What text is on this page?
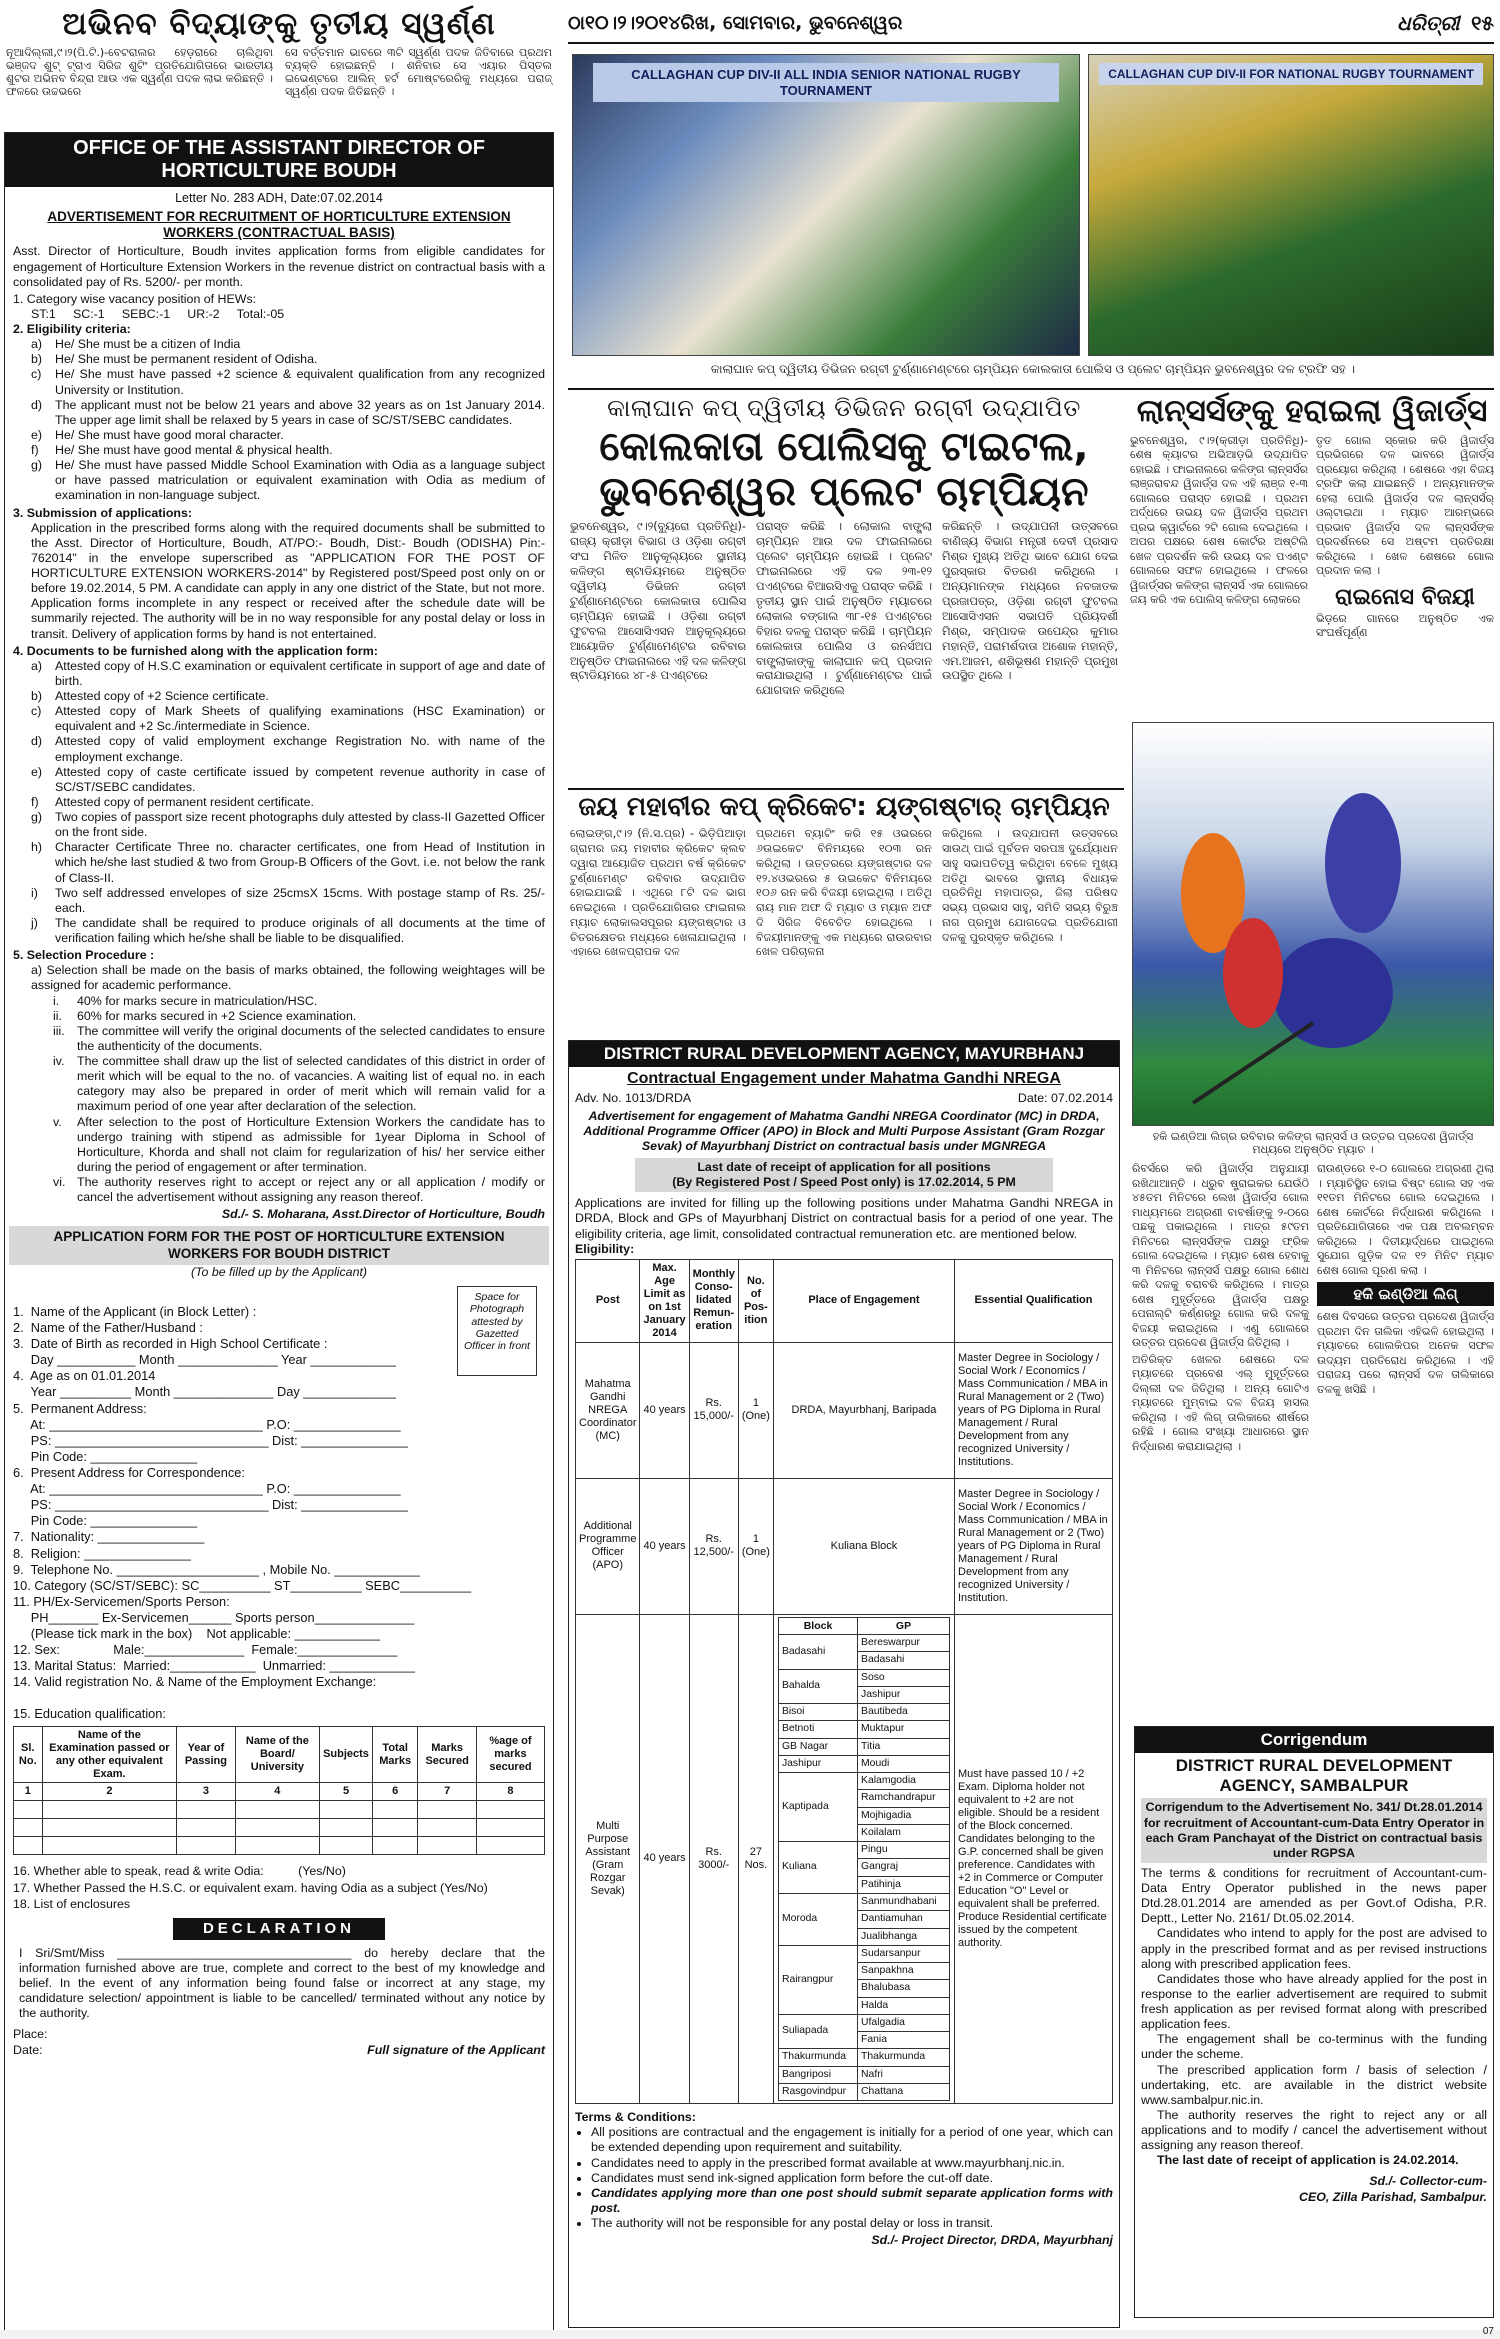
ଅଭିନବ ବିଦ୍ୟାଙ୍କୁ ତୃତୀୟ ସ୍ୱର୍ଣ୍ଣ
ନୂଆଦିଲ୍ଲୀ,୯।୨(ପି.ଟି.)-ବେଟରାଲର ହେଡ଼ରାରେ ଚାଲିଥିବା ଭଞ୍ଜଦ ଶୁଟ୍ ଟ୍ରାଏ ସିରିଜ ଶୁଟିଂ ପ୍ରତିଯୋଗିତାରେ ଭାରତୀୟ ଶୁଟର ଅଭିନବ ବିନ୍ଦ୍ରା ଆଉ ଏକ ସ୍ୱର୍ଣ୍ଣ ପଦକ ଲାଭ କରିଛନ୍ତି । ଫଳରେ ଉଚ୍ଚଭରେ
ସେ ବର୍ତ୍ତମାନ ଭାବରେ ୩ଟି ସ୍ୱର୍ଣ୍ଣ ପଦକ ଜିତିବାରେ ପ୍ରଥମ ବ୍ୟକ୍ତି ହୋଇଛନ୍ତି । ଶନିବାର ସେ ଏୟାର ପିସ୍ତଲ ଇଭେଣ୍ଟରେ ଆଲିନ୍ ହର୍ଟ ମୋଷ୍ଟରେରିକୁ ମଧ୍ୟରେ ପରାଜ୍ ସ୍ୱର୍ଣ୍ଣ ପଦକ ଜିତିଛନ୍ତି ।
OFFICE OF THE ASSISTANT DIRECTOR OF HORTICULTURE BOUDH
Letter No. 283 ADH, Date:07.02.2014
ADVERTISEMENT FOR RECRUITMENT OF HORTICULTURE EXTENSION WORKERS (CONTRACTUAL BASIS)
Asst. Director of Horticulture, Boudh invites application forms from eligible candidates for engagement of Horticulture Extension Workers in the revenue district on contractual basis with a consolidated pay of Rs. 5200/- per month.
1. Category wise vacancy position of HEWs:
ST:1     SC:-1     SEBC:-1     UR:-2     Total:-05
2. Eligibility criteria:
a)	He/ She must be a citizen of India
b)	He/ She must be permanent resident of Odisha.
c)	He/ She must have passed +2 science & equivalent qualification from any recognized University or Institution.
d)	The applicant must not be below 21 years and above 32 years as on 1st January 2014. The upper age limit shall be relaxed by 5 years in case of SC/ST/SEBC candidates.
e)	He/ She must have good moral character.
f)	He/ She must have good mental & physical health.
g)	He/ She must have passed Middle School Examination with Odia as a language subject or have passed matriculation or equivalent examination with Odia as medium of examination in non-language subject.
3. Submission of applications:
Application in the prescribed forms along with the required documents shall be submitted to the Asst. Director of Horticulture, Boudh, AT/PO:- Boudh, Dist:- Boudh (ODISHA) Pin:- 762014" in the envelope superscribed as "APPLICATION FOR THE POST OF HORTICULTURE EXTENSION WORKERS-2014" by Registered post/Speed post only on or before 19.02.2014, 5 PM. A candidate can apply in any one district of the State, but not more. Application forms incomplete in any respect or received after the schedule date will be summarily rejected. The authority will be in no way responsible for any postal delay or loss in transit. Delivery of application forms by hand is not entertained.
4. Documents to be furnished along with the application form:
a)	Attested copy of H.S.C examination or equivalent certificate in support of age and date of birth.
b)	Attested copy of +2 Science certificate.
c)	Attested copy of Mark Sheets of qualifying examinations (HSC Examination) or equivalent and +2 Sc./intermediate in Science.
d)	Attested copy of valid employment exchange Registration No. with name of the employment exchange.
e)	Attested copy of caste certificate issued by competent revenue authority in case of SC/ST/SEBC candidates.
f)	Attested copy of permanent resident certificate.
g)	Two copies of passport size recent photographs duly attested by class-II Gazetted Officer on the front side.
h)	Character Certificate Three no. character certificates, one from Head of Institution in which he/she last studied & two from Group-B Officers of the Govt. i.e. not below the rank of Class-II.
i)	Two self addressed envelopes of size 25cmsX 15cms. With postage stamp of Rs. 25/- each.
j)	The candidate shall be required to produce originals of all documents at the time of verification failing which he/she shall be liable to be disqualified.
5. Selection Procedure :
a) Selection shall be made on the basis of marks obtained, the following weightages will be assigned for academic performance.
i.	40% for marks secure in matriculation/HSC.
ii.	60% for marks secured in +2 Science examination.
iii. The committee will verify the original documents of the selected candidates to ensure the authenticity of the documents.
iv.	The committee shall draw up the list of selected candidates of this district in order of merit which will be equal to the no. of vacancies. A waiting list of equal no. in each category may also be prepared in order of merit which will remain valid for a maximum period of one year after declaration of the selection.
v.	After selection to the post of Horticulture Extension Workers the candidate has to undergo training with stipend as admissible for 1year Diploma in School of Horticulture, Khorda and shall not claim for regularization of his/ her service either during the period of engagement or after termination.
vi. The authority reserves right to accept or reject any or all application / modify or cancel the advertisement without assigning any reason thereof.
Sd./- S. Moharana, Asst.Director of Horticulture, Boudh
APPLICATION FORM FOR THE POST OF HORTICULTURE EXTENSION WORKERS FOR BOUDH DISTRICT
(To be filled up by the Applicant)
Space for Photograph attested by Gazetted Officer in front
1.  Name of the Applicant (in Block Letter) :
2.  Name of the Father/Husband :
3.  Date of Birth as recorded in High School Certificate :
Day ___________ Month ______________ Year ____________
4.  Age as on 01.01.2014
Year __________ Month ______________ Day _____________
5.  Permanent Address:
At: ______________________________ P.O: _______________
PS: ______________________________ Dist: _______________
Pin Code: _______________
6.  Present Address for Correspondence:
At: ______________________________ P.O: _______________
PS: ______________________________ Dist: _______________
Pin Code: _______________
7.  Nationality: _______________
8.  Religion: _______________
9.  Telephone No. ____________________ , Mobile No. ____________
10. Category (SC/ST/SEBC): SC__________ ST__________ SEBC__________
11. PH/Ex-Servicemen/Sports Person:
PH_______ Ex-Servicemen______ Sports person______________
(Please tick mark in the box)    Not applicable: ____________
12. Sex:               Male:______________  Female:______________
13. Marital Status:  Married:____________  Unmarried: ____________
14. Valid registration No. & Name of the Employment Exchange:
15. Education qualification:
Sl. No.	Name of the Examination passed or any other equivalent Exam.	Year of Passing	Name of the Board/ University	Subjects	Total Marks	Marks Secured	%age of marks secured
1	2	3	4	5	6	7	8

16. Whether able to speak, read & write Odia:          (Yes/No)
17. Whether Passed the H.S.C. or equivalent exam. having Odia as a subject (Yes/No)
18. List of enclosures
DECLARATION
I Sri/Smt/Miss __________________________________ do hereby declare that the information furnished above are true, complete and correct to the best of my knowledge and belief. In the event of any information being found false or incorrect at any stage, my candidature selection/ appointment is liable to be cancelled/ terminated without any notice by the authority.
Place:
Date:	Full signature of the Applicant
ଠା୧୦।୨।୨୦୧୪ରିଖ, ସୋମବାର, ଭୁବନେଶ୍ୱର	ଧରିତ୍ରୀ ୧୫
CALLAGHAN CUP DIV-II ALL INDIA SENIOR NATIONAL RUGBY TOURNAMENT
CALLAGHAN CUP DIV-II FOR NATIONAL RUGBY TOURNAMENT
କାଲାଘାନ କପ୍ ଦ୍ୱିତୀୟ ଡିଭିଜନ ରଗ୍‌ବୀ ଟୁର୍ଣ୍ଣାମେଣ୍ଟରେ ଚାମ୍ପିୟନ କୋଲକାତା ପୋଲିସ ଓ ପ୍ଲେଟ ଚାମ୍ପିୟନ ଭୁବନେଶ୍ୱର ଦଳ ଟ୍ରଫି ସହ ।
କାଲାଘାନ କପ୍ ଦ୍ୱିତୀୟ ଡିଭିଜନ ରଗ୍‌ବୀ ଉଦ୍‌ଯାପିତ
କୋଲକାତା ପୋଲିସକୁ ଟାଇଟଲ, ଭୁବନେଶ୍ୱର ପ୍ଲେଟ ଚାମ୍ପିୟନ
ଭୁବନେଶ୍ୱର, ୯।୨(ବ୍ୟୁରୋ ପ୍ରତିନିଧି)-ରାଜ୍ୟ କ୍ରୀଡ଼ା ବିଭାଗ ଓ ଓଡ଼ିଶା ରଗ୍‌ବୀ ସଂଘ ମିଳିତ ଆନୁକୂଲ୍ୟରେ ସ୍ଥାନୀୟ କଳିଙ୍ଗ ଷ୍ଟାଡିୟମରେ ଅନୁଷ୍ଠିତ ଦ୍ୱିତୀୟ ଡିଭିଜନ ରଗ୍‌ବୀ ଟୁର୍ଣ୍ଣାମେଣ୍ଟରେ କୋଲକାତା ପୋଲିସ ଚାମ୍ପିୟନ ହୋଇଛି । ଓଡ଼ିଶା ରଗ୍‌ବୀ ଫୁଟବଲ ଆସୋସିଏସନ ଆନୁକୂଲ୍ୟରେ ଆୟୋଜିତ ଟୁର୍ଣ୍ଣାମେଣ୍ଟର ରବିବାର ଅନୁଷ୍ଠିତ ଫାଇନାଲରେ ଏହି ଦଳ କଳିଙ୍ଗ ଷ୍ଟାଡିୟମରେ ୪୮-୫ ପଏଣ୍ଟରେ
ପରାସ୍ତ କରିଛି । ଲୋକାଲ ବାଙ୍ଗ୍ଲା ଚାମ୍ପିୟନ ଆଉ ଦଳ ଫାଇନାଲରେ ପ୍ଲେଟ ଚାମ୍ପିୟନ ହୋଇଛି । ପ୍ଲେଟ ଫାଇନାଲରେ ଏହି ଦଳ ୨୩-୧୨ ପଏଣ୍ଟରେ ବିଆରସିଏକୁ ପରାସ୍ତ କରିଛି । ତୃତୀୟ ସ୍ଥାନ ପାଇଁ ଅନୁଷ୍ଠିତ ମ୍ୟାଚରେ ଲୋକାଲ ବଙ୍ଗାଲ ୩୮-୧୫ ପଏଣ୍ଟରେ ବିହାର ଦଳକୁ ପରାସ୍ତ କରିଛି । ଚାମ୍ପିୟନ କୋଲକାତା ପୋଲିସ ଓ ରନର୍ସଅପ ବାଙ୍ଗ୍ଲାକାଙ୍କୁ କାଲାଘାନ କପ୍ ପ୍ରଦାନ କରାଯାଇଥିଲା । ଟୁର୍ଣ୍ଣାମେଣ୍ଟର ପାଇଁ ଯୋଗଦାନ କରିଥିଲେ
କରିଛନ୍ତି । ଉଦ୍‌ଯାପନୀ ଉତ୍ସବରେ ବାଣିଜ୍ୟ ବିଭାଗ ମନ୍ତ୍ରୀ ଦେବୀ ପ୍ରସାଦ ମିଶ୍ର ମୁଖ୍ୟ ଅତିଥି ଭାବେ ଯୋଗ ଦେଇ ପୁରସ୍କାର ବିତରଣ କରିଥିଲେ । ଅନ୍ୟମାନଙ୍କ ମଧ୍ୟରେ ନବଜାତକ ପ୍ରଜାପତ୍ର, ଓଡ଼ିଶା ରଗ୍‌ବୀ ଫୁଟବଲ ଆସୋସିଏସନ ସଭାପତି ପ୍ରିୟଦର୍ଶୀ ମିଶ୍ର, ସମ୍ପାଦକ ଉପେନ୍ଦ୍ର କୁମାର ମହାନ୍ତି, ପରାମର୍ଶଦାତା ଅଶୋକ ମହାନ୍ତି, ଏମ.ଆଜମ, ଶଶିଭୂଷଣ ମହାନ୍ତି ପ୍ରମୁଖ ଉପସ୍ଥିତ ଥିଲେ ।
ଲାନ୍ସର୍ସଙ୍କୁ ହରାଇଲା ୱିଜାର୍ଡ୍ସ
ଭୁବନେଶ୍ୱର, ୯।୨(କ୍ରୀଡ଼ା ପ୍ରତିନିଧି)-ଶେଷ କ୍ୟାଟର ଅଭିଆଡ଼ଭି ଉଦ୍‌ଯାପିତ ହୋଇଛି । ଫାଇନାଲରେ କଳିଙ୍ଗ ଲାନ୍ସର୍ସର ଲାଞ୍ଜରାବନ୍ଦ ୱିଜାର୍ଡ୍ସ ଦଳ ଏହି ଲାଞ୍ଜ ୧-୩ ଗୋଲରେ ପରାସ୍ତ ହୋଇଛି । ପ୍ରଥମ ଅର୍ଦ୍ଧରେ ଉଭୟ ଦଳ ୱିଜାର୍ଡ୍ସ ପ୍ରଥମ ପ୍ରଭ କ୍ୱାର୍ଟରେ ୨ଟି ଗୋଲ ଦେଇଥିଲେ । ଅପର ପକ୍ଷରେ ଶେଷ କୋର୍ଟର ଅଷ୍ଟିଲି ଖେଳ ପ୍ରଦର୍ଶନ କରି ଉଭୟ ଦଳ ପଏଣ୍ଟ ଗୋଲରେ ସଫଳ ହୋଇଥିଲେ । ଫଳରେ ୱିଜାର୍ଡ୍ସର କଳିଙ୍ଗ ଲାନ୍ସର୍ସ ଏକ ଗୋଲରେ ଜୟ କରି ଏକ ପୋଲିସ୍ କଳିଙ୍ଗ ଲୋକରେ
ତୃତ ଗୋଲ ସ୍କୋର କରି ୱିଜାର୍ଡ୍ସ ପ୍ରଭିଗରେ ଦଳ ଭାବରେ ୱିଜାର୍ଡ୍ସ ପ୍ରୟୋଗ କରିଥିଲା । ଶେଷରେ ଏହା ବିଜୟ ଟ୍ରଫି କଲା ଯାଇଛନ୍ତି । ଅନ୍ୟମାନଙ୍କ ହେଲା ପୋଲି ୱିଜାର୍ଡ୍ସ ଦଳ ଲାନ୍ସର୍ସର୍ ଓଲ୍ଟାଇଥା । ମ୍ୟାଚ ଆରମ୍ଭରେ ପ୍ରଭାବ ୱିଜାର୍ଡ୍ସ ଦଳ ଲାନ୍ସର୍ସଙ୍କ ପ୍ରଦର୍ଶନରେ ସେ ଅଷ୍ଟମ ପ୍ରତିରକ୍ଷା କରିଥିଲେ । ଖେଳ ଶେଷରେ ଗୋଲ ପ୍ରଦାନ କଲା ।
ରାଇନୋସ ବିଜୟୀ
ଭିଡ଼ରେ ଗାନରେ ଅନୁଷ୍ଠିତ ଏକ ସଂଘର୍ଷପୂର୍ଣ୍ଣ
ଜୟ ମହାବୀର କପ୍ କ୍ରିକେଟ: ୟଙ୍ଗଷ୍ଟାର୍ ଚାମ୍ପିୟନ
ଲୋଇଙ୍ଗ,୯।୨ (ନି.ସ.ପ୍ର) - ଭିଡ଼ିପିଆଡ଼ା ଗ୍ରାମର ଜୟ ମହାବୀର କ୍ରିକେଟ କ୍ଲବ ଦ୍ୱାରା ଆୟୋଜିତ ପ୍ରଥମ ବର୍ଷ କ୍ରିକେଟ ଟୁର୍ଣ୍ଣାମେଣ୍ଟ ରବିବାର ଉଦ୍‌ଯାପିତ ହୋଇଯାଇଛି । ଏଥିରେ ୮ଟି ଦଳ ଭାଗ ନେଇଥିଲେ । ପ୍ରତିଯୋଗିତାର ଫାଇନାଲ ମ୍ୟାଚ ଲୋକାଲସପୂରର ୟଙ୍ଗଷ୍ଟାର ଓ ଚିତରକ୍ଷେତର ମଧ୍ୟରେ ଖେଳାଯାଇଥିଲା । ଏହାରେ ଖେଳପ୍ରାପକ ଦଳ
ପ୍ରଥମେ ବ୍ୟାଟିଂ କରି ୧୫ ଓଭରରେ ୬ଉଇକେଟ ବିନିମୟରେ ୧୦୩ ରନ କରିଥିଲା । ଉତ୍ତରରେ ୟଙ୍ଗଷ୍ଟାର ଦଳ ୧୨.୪ଓଭରରେ ୫ ଉଇକେଟ ବିନିମୟରେ ୧୦୬ ରନ କରି ବିଜୟୀ ହୋଇଥିଲା । ଅତିଥି ରାୟ ମାନ ଅଫ ଦି ମ୍ୟାଚ ଓ ମ୍ୟାନ ଅଫ ଦି ସିରିଜ ବିବେଚିତ ହୋଇଥିଲେ । ବିଜୟୀମାନଙ୍କୁ ଏକ ମଧ୍ୟରେ ରାଉରବାର ଖେଳ ପରିଚାଳନା
କରିଥିଲେ । ଉଦ୍‌ଯାପନୀ ଉତ୍ସବରେ ସାଉଥ୍ ପାଇଁ ପୂର୍ବତନ ସରପଞ୍ଚ ଦୁର୍ଯ୍ୟୋଧନ ସାହୁ ସଭାପତିତ୍ୱ କରିଥିବା ବେଳେ ମୁଖ୍ୟ ଅତିଥି ଭାବରେ ସ୍ଥାନୀୟ ବିଧାୟକ ପ୍ରତିନିଧି ମହାପାତ୍ର, ଜିଲା ପରିଷଦ ସଭ୍ୟ ପ୍ରଭାସ ସାହୁ, ସମିତି ସଭ୍ୟ ବିରୁଞ୍ଚ ନାଗ ପ୍ରମୁଖ ଯୋଗଦେଇ ପ୍ରତିଯୋଗୀ ଦଳକୁ ପୁରସ୍କୃତ କରିଥିଲେ ।
DISTRICT RURAL DEVELOPMENT AGENCY, MAYURBHANJ
Contractual Engagement under Mahatma Gandhi NREGA
Adv. No. 1013/DRDA	Date: 07.02.2014
Advertisement for engagement of Mahatma Gandhi NREGA Coordinator (MC) in DRDA, Additional Programme Officer (APO) in Block and Multi Purpose Assistant (Gram Rozgar Sevak) of Mayurbhanj District on contractual basis under MGNREGA
Last date of receipt of application for all positions
(By Registered Post / Speed Post only) is 17.02.2014, 5 PM
Applications are invited for filling up the following positions under Mahatma Gandhi NREGA in DRDA, Block and GPs of Mayurbhanj District on contractual basis for a period of one year. The eligibility criteria, age limit, consolidated contractual remuneration etc. are mentioned below.
Eligibility:
Post	Max. Age Limit as on 1st January 2014	Monthly Conso-lidated Remun-eration	No. of Pos-ition	Place of Engagement	Essential Qualification
Mahatma Gandhi NREGA Coordinator (MC)	40 years	Rs. 15,000/-	1 (One)	DRDA, Mayurbhanj, Baripada	Master Degree in Sociology / Social Work / Economics / Mass Communication / MBA in Rural Management or 2 (Two) years of PG Diploma in Rural Management / Rural Development from any recognized University / Institutions.
Additional Programme Officer (APO)	40 years	Rs. 12,500/-	1 (One)	Kuliana Block	Master Degree in Sociology / Social Work / Economics / Mass Communication / MBA in Rural Management or 2 (Two) years of PG Diploma in Rural Management / Rural Development from any recognized University / Institution.
Multi Purpose Assistant (Gram Rozgar Sevak)	40 years	Rs. 3000/-	27 Nos.	
Block	GP
Badasahi	Bereswarpur
Badasahi
Bahalda	Soso
Jashipur
Bisoi	Bautibeda
Betnoti	Muktapur
GB Nagar	Titia
Jashipur	Moudi
Kaptipada	Kalamgodia
Ramchandrapur
Mojhigadia
Koilalam
Kuliana	Pingu
Gangraj
Patihinja
Moroda	Sanmundhabani
Dantiamuhan
Jualibhanga
Rairangpur	Sudarsanpur
Sanpakhna
Bhalubasa
Halda
Suliapada	Ufalgadia
Fania
Thakurmunda	Thakurmunda
Bangriposi	Nafri
Rasgovindpur	Chattana
	Must have passed 10 / +2 Exam. Diploma holder not equivalent to +2 are not eligible. Should be a resident of the Block concerned. Candidates belonging to the G.P. concerned shall be given preference. Candidates with +2 in Commerce or Computer Education "O" Level or equivalent shall be preferred. Produce Residential certificate issued by the competent authority.
Terms & Conditions:
• All positions are contractual and the engagement is initially for a period of one year, which can be extended depending upon requirement and suitability.
• Candidates need to apply in the prescribed format available at www.mayurbhanj.nic.in.
• Candidates must send ink-signed application form before the cut-off date.
• Candidates applying more than one post should submit separate application forms with post.
• The authority will not be responsible for any postal delay or loss in transit.
Sd./- Project Director, DRDA, Mayurbhanj
ହକି ଇଣ୍ଡିଆ ଲିଗ୍‌ର ରବିବାର କଳିଙ୍ଗ ଲାନ୍ସର୍ସ ଓ ଉତ୍ତର ପ୍ରଦେଶ ୱିଜାର୍ଡ୍ସ ମଧ୍ୟରେ ଅନୁଷ୍ଠିତ ମ୍ୟାଚ ।
ରିବର୍ସରେ କରି ୱିଜାର୍ଡ୍ସ ଅନୁଯାୟୀ ରଖିଥାଆନ୍ତି । ଧ୍ରୁବ ଷ୍ଟ୍ରାଇକର ଯେଉଁଠି ୪୫ତମ ମିନିଟରେ ଲେଖ ୱିଜାର୍ଡ୍ସ ଗୋଲ ମାଧ୍ୟମରେ ଅଗ୍ରଣୀ ବାବର୍ଷାଙ୍କୁ ୨-୦ରେ ପଛକୁ ପକାଇଥିଲେ । ମାତ୍ର ୫୯ତମ ମିନିଟରେ ଲାନ୍ସର୍ସଙ୍କ ପକ୍ଷରୁ ଫ୍ରିକ ଗୋଲ ଦେଇଥିଲେ । ମ୍ୟାଚ ଶେଷ ହେବାକୁ ୩ ମିନିଟରେ ଲାନ୍ସର୍ସ ପକ୍ଷରୁ ଗୋଲ ଶୋଧ କରି ଦଳକୁ ବରାବରି କରିଥିଲେ । ମାତ୍ର ଶେଷ ମୁହୂର୍ତ୍ତରେ ୱିଜାର୍ଡ୍ସ ପକ୍ଷରୁ ପେନାଲ୍ଟି କର୍ଣ୍ଣରରୁ ଗୋଲ କରି ଦଳକୁ ବିଜୟୀ କରାଇଥିଲେ । ଏଣୁ ଗୋଲରେ ଉତ୍ତର ପ୍ରଦେଶ ୱିଜାର୍ଡ୍ସ ଜିତିଥିଲା ।
ଅତିରିକ୍ତ ଖେଳର ଶେଷରେ ଦଳ ମ୍ୟାଚରେ ପ୍ରବେଶ ଏଲ୍ ମୁହୂର୍ତ୍ତରେ ଦିଲ୍ଲୀ ଦଳ ଜିତିଥିଲା । ଅନ୍ୟ ଗୋଟିଏ ମ୍ୟାଚରେ ମୁମ୍ବାଇ ଦଳ ବିଜୟ ହାସଲ କରିଥିଲା । ଏହି ଲିଗ୍ ତାଲିକାରେ ଶୀର୍ଷରେ ରହିଛି । ଗୋଲ ସଂଖ୍ୟା ଆଧାରରେ ସ୍ଥାନ ନିର୍ଦ୍ଧାରଣ କରାଯାଇଥିଲା ।
ରାଉଣ୍ଡରେ ୧-୦ ଗୋଲରେ ଅଗ୍ରଣୀ ଥିଲା । ମ୍ୟାଚିସ୍ଥିତ ହୋଇ ବିଷ୍ଟ ଗୋଲ ସହ ଏକ ୧୧ତମ ମିନିଟରେ ଗୋଲ ଦେଇଥିଲେ । ଶେଷ କୋର୍ଟରେ ନିର୍ଦ୍ଧାରଣ କରିଥିଲେ । ପ୍ରତିଯୋଗିତାରେ ଏକ ପକ୍ଷ ଅବଲମ୍ବନ କରିଥିଲେ । ଦିତୀୟାର୍ଦ୍ଧରେ ପାଇଥିଲେ ସୁଯୋଗ ଗୁଡ଼ିକ ଦଳ ୧୨ ମିନିଟ ମ୍ୟାଚ ଶେଷ ଗୋଲ ପୂରଣ କଲା ।
ହକି ଇଣ୍ଡିଆ ଲିଗ୍
ଶେଷ ଦିବସରେ ଉତ୍ତର ପ୍ରଦେଶ ୱିଜାର୍ଡ୍ସ ପ୍ରଥମ ଦିନ ତାଲିକା ଏହିଭଳି ହୋଇଥିଲା । ମ୍ୟାଚରେ ଗୋଲକିପର ଅନେକ ସଫଳ ଉଦ୍ୟମ ପ୍ରତିରୋଧ କରିଥିଲେ । ଏହି ପରାଜୟ ପରେ ଲାନ୍ସର୍ସ ଦଳ ତାଲିକାରେ ତଳକୁ ଖସିଛି ।
Corrigendum
DISTRICT RURAL DEVELOPMENT AGENCY, SAMBALPUR
Corrigendum to the Advertisement No. 341/ Dt.28.01.2014 for recruitment of Accountant-cum-Data Entry Operator in each Gram Panchayat of the District on contractual basis under RGPSA
The terms & conditions for recruitment of Accountant-cum-Data Entry Operator published in the news paper Dtd.28.01.2014 are amended as per Govt.of Odisha, P.R. Deptt., Letter No. 2161/ Dt.05.02.2014.
Candidates who intend to apply for the post are advised to apply in the prescribed format and as per revised instructions along with prescribed application fees.
Candidates those who have already applied for the post in response to the earlier advertisement are required to submit fresh application as per revised format along with prescribed application fees.
The engagement shall be co-terminus with the funding under the scheme.
The prescribed application form / basis of selection / undertaking, etc. are available in the district website www.sambalpur.nic.in.
The authority reserves the right to reject any or all applications and to modify / cancel the advertisement without assigning any reason thereof.
The last date of receipt of application is 24.02.2014.
Sd./- Collector-cum-
CEO, Zilla Parishad, Sambalpur.
07
